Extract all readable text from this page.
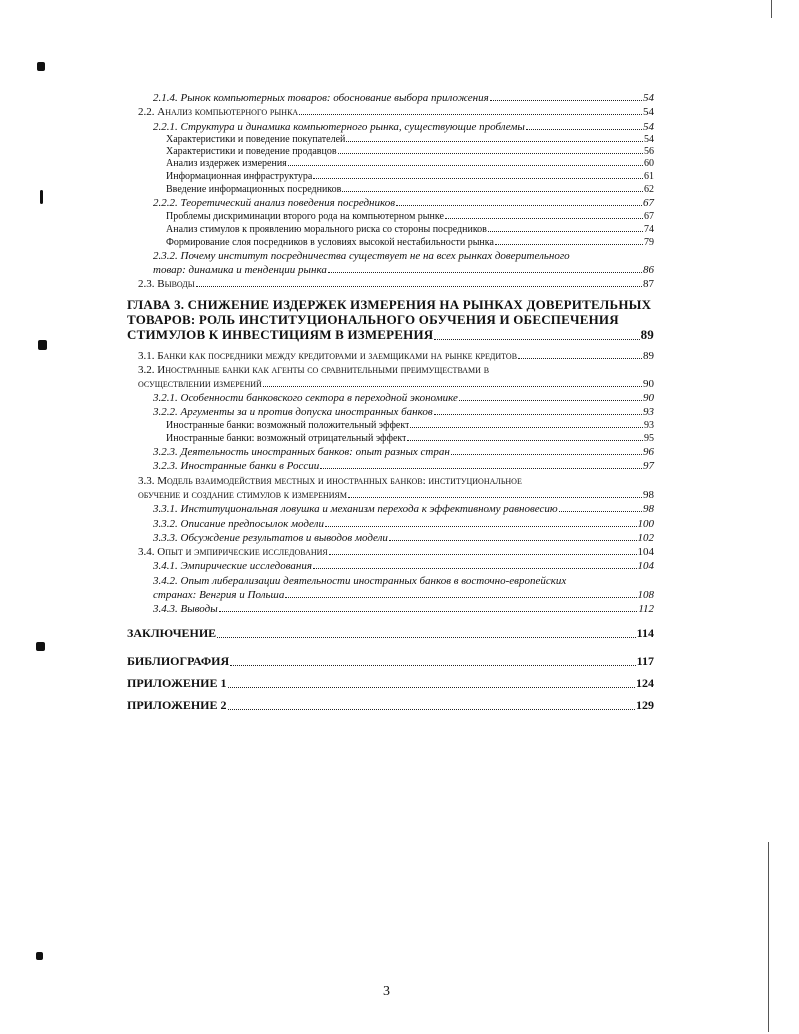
2.1.4. Рынок компьютерных товаров: обоснование выбора приложения	54
2.2. Анализ компьютерного рынка	54
2.2.1. Структура и динамика компьютерного рынка, существующие проблемы	54
Характеристики и поведение покупателей	54
Характеристики и поведение продавцов	56
Анализ издержек измерения	60
Информационная инфраструктура	61
Введение информационных посредников	62
2.2.2. Теоретический анализ поведения посредников	67
Проблемы дискриминации второго рода на компьютерном рынке	67
Анализ стимулов к проявлению морального риска со стороны посредников	74
Формирование слоя посредников в условиях высокой нестабильности рынка	79
2.3.2. Почему институт посредничества существует не на всех рынках доверительного
товар: динамика и тенденции рынка	86
2.3. Выводы	87
ГЛАВА 3. СНИЖЕНИЕ ИЗДЕРЖЕК ИЗМЕРЕНИЯ НА РЫНКАХ ДОВЕРИТЕЛЬНЫХ
ТОВАРОВ: РОЛЬ ИНСТИТУЦИОНАЛЬНОГО ОБУЧЕНИЯ И ОБЕСПЕЧЕНИЯ
СТИМУЛОВ К ИНВЕСТИЦИЯМ В ИЗМЕРЕНИЯ	89
3.1. Банки как посредники между кредиторами и заемщиками на рынке кредитов	89
3.2. Иностранные банки как агенты со сравнительными преимуществами в
осуществлении измерений	90
3.2.1. Особенности банковского сектора в переходной экономике	90
3.2.2. Аргументы за и против допуска иностранных банков	93
Иностранные банки: возможный положительный эффект	93
Иностранные банки: возможный отрицательный эффект	95
3.2.3. Деятельность иностранных банков: опыт разных стран	96
3.2.3. Иностранные банки в России	97
3.3. Модель взаимодействия местных и иностранных банков: институциональное
обучение и создание стимулов к измерениям	98
3.3.1. Институциональная ловушка и механизм перехода к эффективному равновесию	98
3.3.2. Описание предпосылок модели	100
3.3.3. Обсуждение результатов и выводов модели	102
3.4. Опыт и эмпирические исследования	104
3.4.1. Эмпирические исследования	104
3.4.2. Опыт либерализации деятельности иностранных банков в восточно-европейских
странах: Венгрия и Польша	108
3.4.3. Выводы	112
ЗАКЛЮЧЕНИЕ	114
БИБЛИОГРАФИЯ	117
ПРИЛОЖЕНИЕ 1	124
ПРИЛОЖЕНИЕ 2	129
3
